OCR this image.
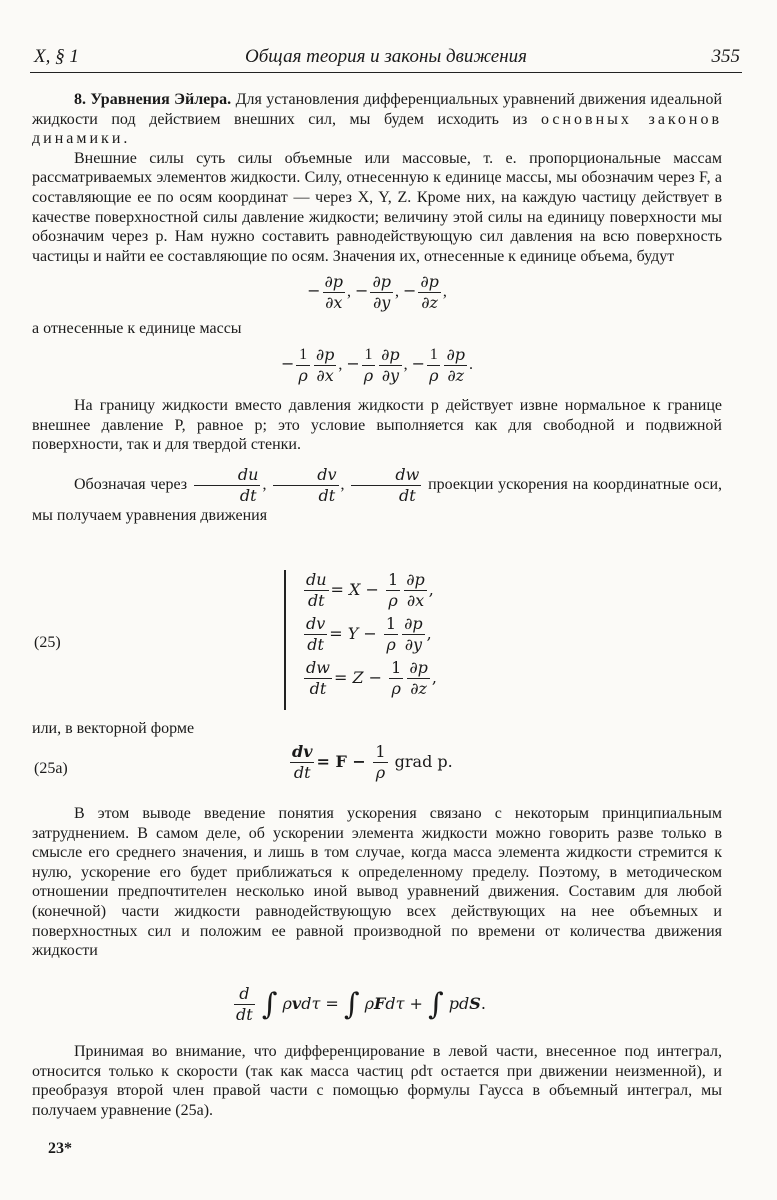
X, § 1	Общая теория и законы движения	355

8. Уравнения Эйлера. Для установления дифференциальных уравнений движения идеальной жидкости под действием внешних сил, мы будем исходить из основных законов динамики.

Внешние силы суть силы объемные или массовые, т. е. пропорциональные массам рассматриваемых элементов жидкости. Силу, отнесенную к единице массы, мы обозначим через F, а составляющие ее по осям координат — через X, Y, Z. Кроме них, на каждую частицу действует в качестве поверхностной силы давление жидкости; величину этой силы на единицу поверхности мы обозначим через p. Нам нужно составить равнодействующую сил давления на всю поверхность частицы и найти ее составляющие по осям. Значения их, отнесенные к единице объема, будут

− $\frac{\partial p}{\partial x}$ , − $\frac{\partial p}{\partial y}$ , − $\frac{\partial p}{\partial z}$ ,

а отнесенные к единице массы

− $\frac{1}{\rho} \frac{\partial p}{\partial x}$ , − $\frac{1}{\rho} \frac{\partial p}{\partial y}$ , − $\frac{1}{\rho} \frac{\partial p}{\partial z}$ .

На границу жидкости вместо давления жидкости p действует извне нормальное к границе внешнее давление P, равное p; это условие выполняется как для свободной и подвижной поверхности, так и для твердой стенки.

Обозначая через $\frac{du}{dt}$ , $\frac{dv}{dt}$ , $\frac{dw}{dt}$ проекции ускорения на координатные оси, мы получаем уравнения движения

(25)
$\frac{du}{dt} = X - \frac{1}{\rho} \frac{\partial p}{\partial x}$ ,
$\frac{dv}{dt} = Y - \frac{1}{\rho} \frac{\partial p}{\partial y}$ ,
$\frac{dw}{dt} = Z - \frac{1}{\rho} \frac{\partial p}{\partial z}$ ,

или, в векторной форме

(25a)	$\frac{dv}{dt} = F - \frac{1}{\rho}$ grad p.

В этом выводе введение понятия ускорения связано с некоторым принципиальным затруднением. В самом деле, об ускорении элемента жидкости можно говорить разве только в смысле его среднего значения, и лишь в том случае, когда масса элемента жидкости стремится к нулю, ускорение его будет приближаться к определенному пределу. Поэтому, в методическом отношении предпочтителен несколько иной вывод уравнений движения. Составим для любой (конечной) части жидкости равнодействующую всех действующих на нее объемных и поверхностных сил и положим ее равной производной по времени от количества движения жидкости

$\frac{d}{dt}$ ∫ ρvdτ = ∫ ρFdτ + ∫ pdS.

Принимая во внимание, что дифференцирование в левой части, внесенное под интеграл, относится только к скорости (так как масса частиц ρdτ остается при движении неизменной), и преобразуя второй член правой части с помощью формулы Гаусса в объемный интеграл, мы получаем уравнение (25a).

23*
